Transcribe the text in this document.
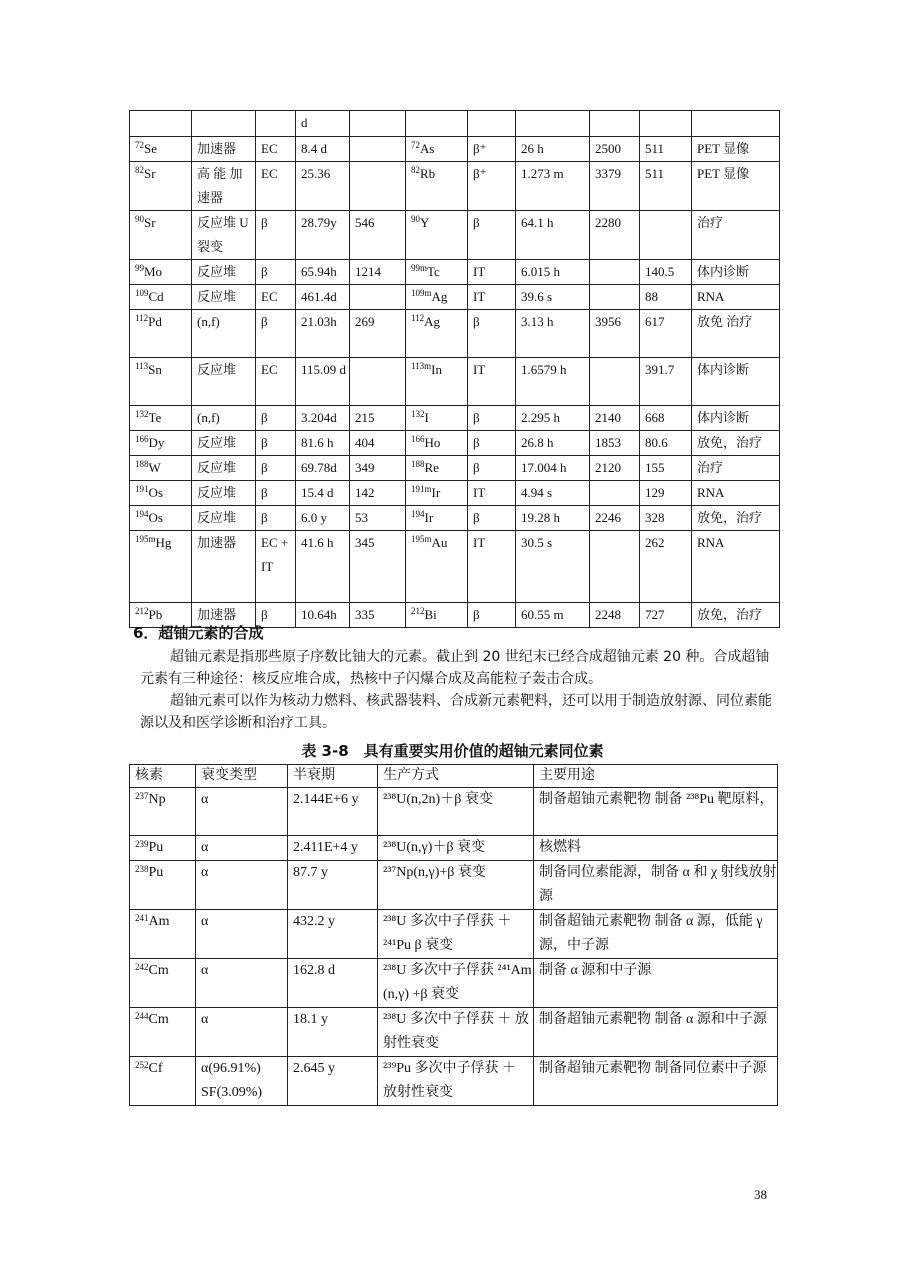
			d							
$^{72}$Se	加速器	EC	8.4 d		$^{72}$As	β⁺	26 h	2500	511	PET 显像
$^{82}$Sr	高 能 加 速器	EC	25.36		$^{82}$Rb	β⁺	1.273 m	3379	511	PET 显像
$^{90}$Sr	反应堆 U 裂变	β	28.79y	546	$^{90}$Y	β	64.1 h	2280		治疗
$^{99}$Mo	反应堆	β	65.94h	1214	$^{99m}$Tc	IT	6.015 h		140.5	体内诊断
$^{109}$Cd	反应堆	EC	461.4d		$^{109m}$Ag	IT	39.6 s		88	RNA
$^{112}$Pd	(n,f)	β	21.03h	269	$^{112}$Ag	β	3.13 h	3956	617	放免 治疗
$^{113}$Sn	反应堆	EC	115.09 d		$^{113m}$In	IT	1.6579 h		391.7	体内诊断
$^{132}$Te	(n,f)	β	3.204d	215	$^{132}$I	β	2.295 h	2140	668	体内诊断
$^{166}$Dy	反应堆	β	81.6 h	404	$^{166}$Ho	β	26.8 h	1853	80.6	放免，治疗
$^{188}$W	反应堆	β	69.78d	349	$^{188}$Re	β	17.004 h	2120	155	治疗
$^{191}$Os	反应堆	β	15.4 d	142	$^{191m}$Ir	IT	4.94 s		129	RNA
$^{194}$Os	反应堆	β	6.0 y	53	$^{194}$Ir	β	19.28 h	2246	328	放免，治疗
$^{195m}$Hg	加速器	EC + IT	41.6 h	345	$^{195m}$Au	IT	30.5 s		262	RNA
$^{212}$Pb	加速器	β	10.64h	335	$^{212}$Bi	β	60.55 m	2248	727	放免，治疗
6．超铀元素的合成

超铀元素是指那些原子序数比铀大的元素。截止到 20 世纪末已经合成超铀元素 20 种。合成超铀元素有三种途径：核反应堆合成，热核中子闪爆合成及高能粒子轰击合成。

超铀元素可以作为核动力燃料、核武器装料、合成新元素靶料，还可以用于制造放射源、同位素能源以及和医学诊断和治疗工具。

表 3-8　具有重要实用价值的超铀元素同位素
核素	衰变类型	半衰期	生产方式	主要用途
$^{237}$Np	α	2.144E+6 y	²³⁸U(n,2n)＋β 衰变	制备超铀元素靶物 制备 ²³⁸Pu 靶原料，
$^{239}$Pu	α	2.411E+4 y	²³⁸U(n,γ)＋β 衰变	核燃料
$^{238}$Pu	α	87.7 y	²³⁷Np(n,γ)+β 衰变	制备同位素能源，制备 α 和 χ 射线放射源
$^{241}$Am	α	432.2 y	²³⁸U 多次中子俘获 ＋²⁴¹Pu β 衰变	制备超铀元素靶物 制备 α 源，低能 γ 源，中子源
$^{242}$Cm	α	162.8 d	²³⁸U 多次中子俘获 ²⁴¹Am (n,γ) +β 衰变	制备 α 源和中子源
$^{244}$Cm	α	18.1 y	²³⁸U 多次中子俘获 ＋ 放射性衰变	制备超铀元素靶物 制备 α 源和中子源
$^{252}$Cf	α(96.91%) SF(3.09%)	2.645 y	²³⁹Pu 多次中子俘获 ＋ 放射性衰变	制备超铀元素靶物 制备同位素中子源
38
